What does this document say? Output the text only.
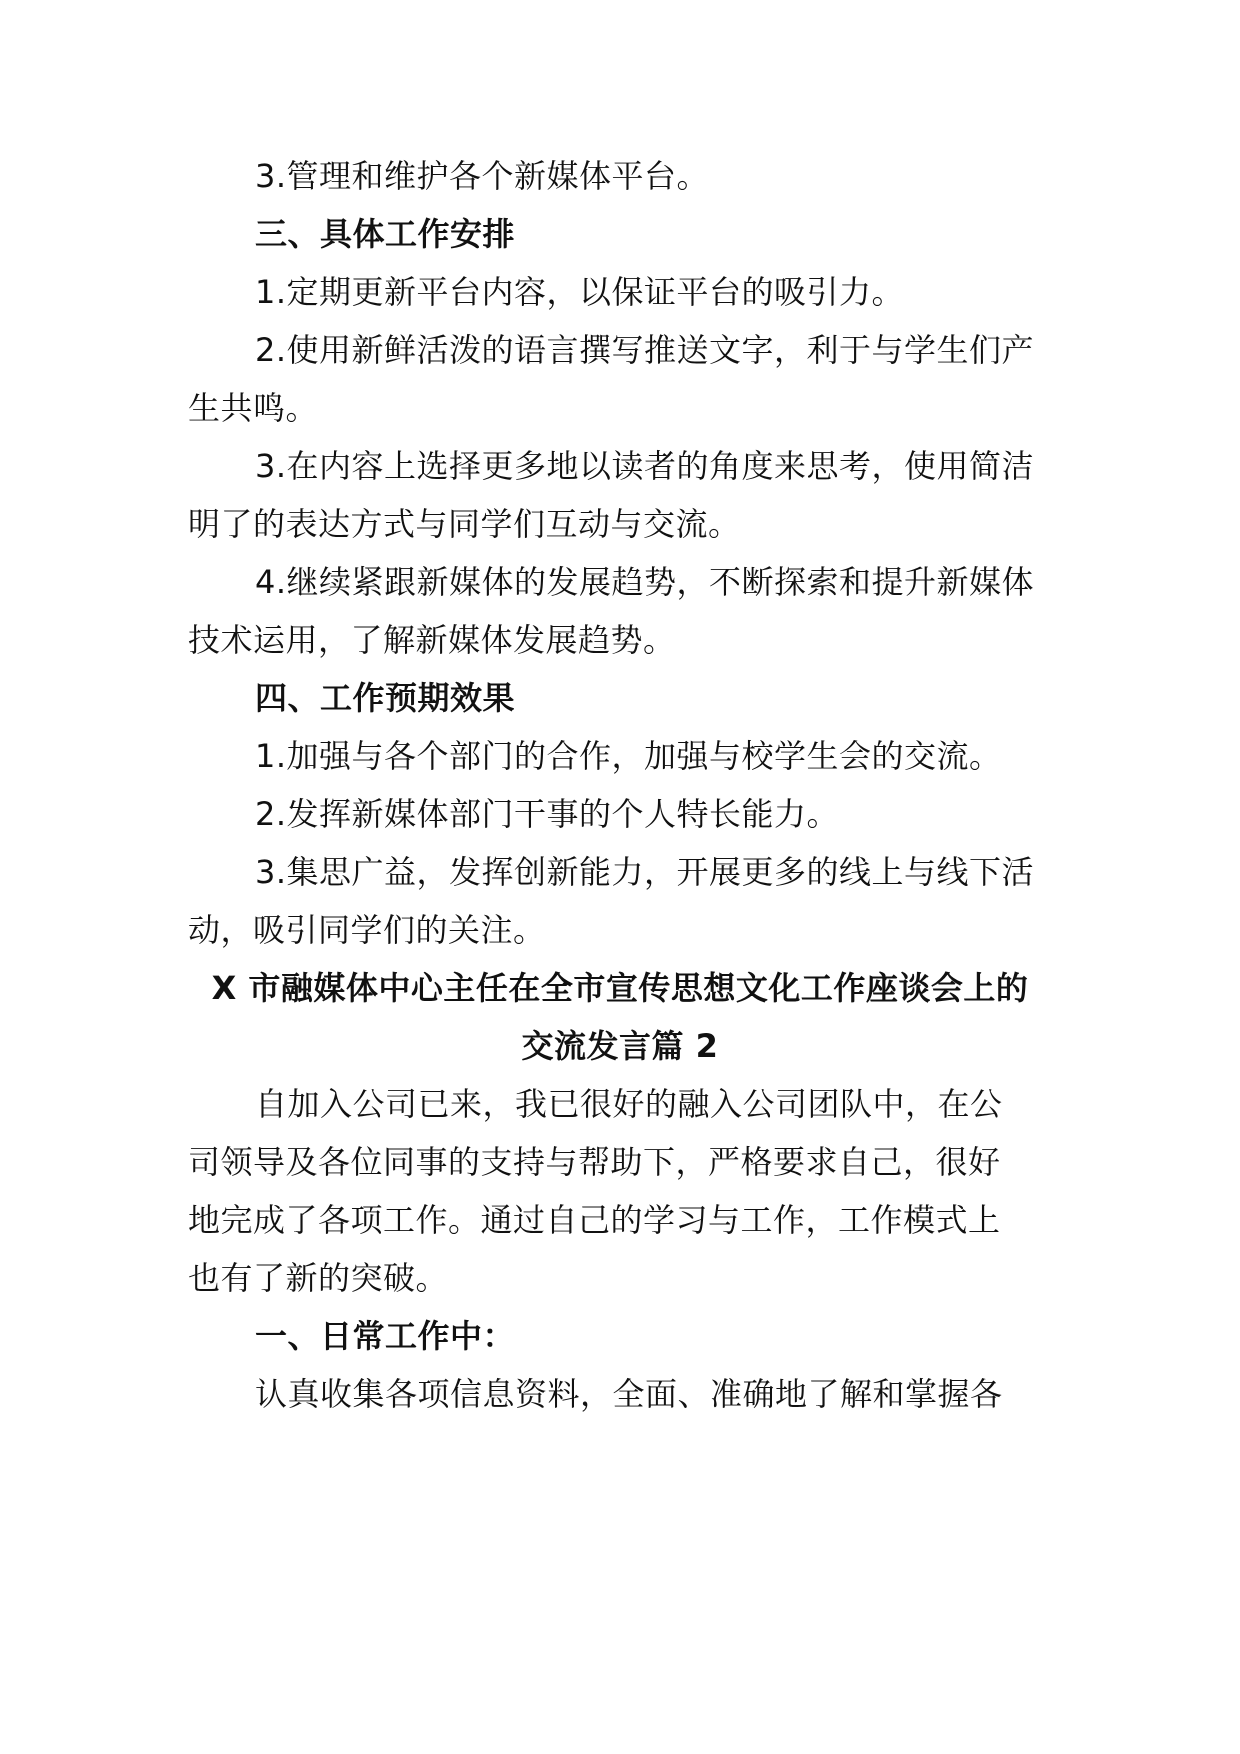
3.管理和维护各个新媒体平台。
三、具体工作安排
1.定期更新平台内容，以保证平台的吸引力。
2.使用新鲜活泼的语言撰写推送文字，利于与学生们产
生共鸣。
3.在内容上选择更多地以读者的角度来思考，使用简洁
明了的表达方式与同学们互动与交流。
4.继续紧跟新媒体的发展趋势，不断探索和提升新媒体
技术运用，了解新媒体发展趋势。
四、工作预期效果
1.加强与各个部门的合作，加强与校学生会的交流。
2.发挥新媒体部门干事的个人特长能力。
3.集思广益，发挥创新能力，开展更多的线上与线下活
动，吸引同学们的关注。
X 市融媒体中心主任在全市宣传思想文化工作座谈会上的
交流发言篇 2
自加入公司已来，我已很好的融入公司团队中，在公
司领导及各位同事的支持与帮助下，严格要求自己，很好
地完成了各项工作。通过自己的学习与工作，工作模式上
也有了新的突破。
一、日常工作中：
认真收集各项信息资料，全面、准确地了解和掌握各
